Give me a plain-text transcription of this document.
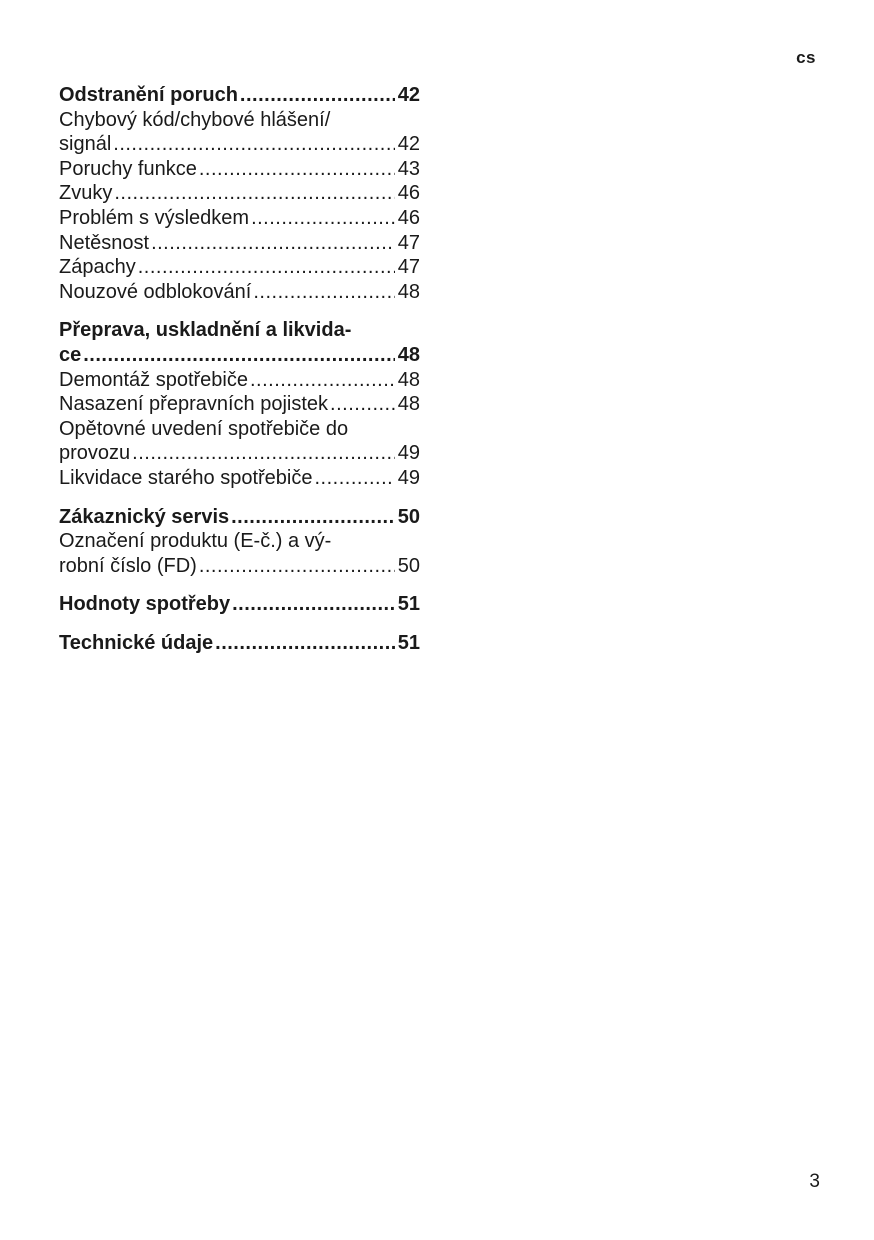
cs
Odstranění poruch .....	42
Chybový kód/chybové hlášení/
signál .....	42
Poruchy funkce .....	43
Zvuky .....	46
Problém s výsledkem .....	46
Netěsnost .....	47
Zápachy .....	47
Nouzové odblokování .....	48
Přeprava, uskladnění a likvida-
ce .....	48
Demontáž spotřebiče .....	48
Nasazení přepravních pojistek .....	48
Opětovné uvedení spotřebiče do
provozu .....	49
Likvidace starého spotřebiče .....	49
Zákaznický servis .....	50
Označení produktu (E-č.) a vý-
robní číslo (FD) .....	50
Hodnoty spotřeby .....	51
Technické údaje .....	51
3
